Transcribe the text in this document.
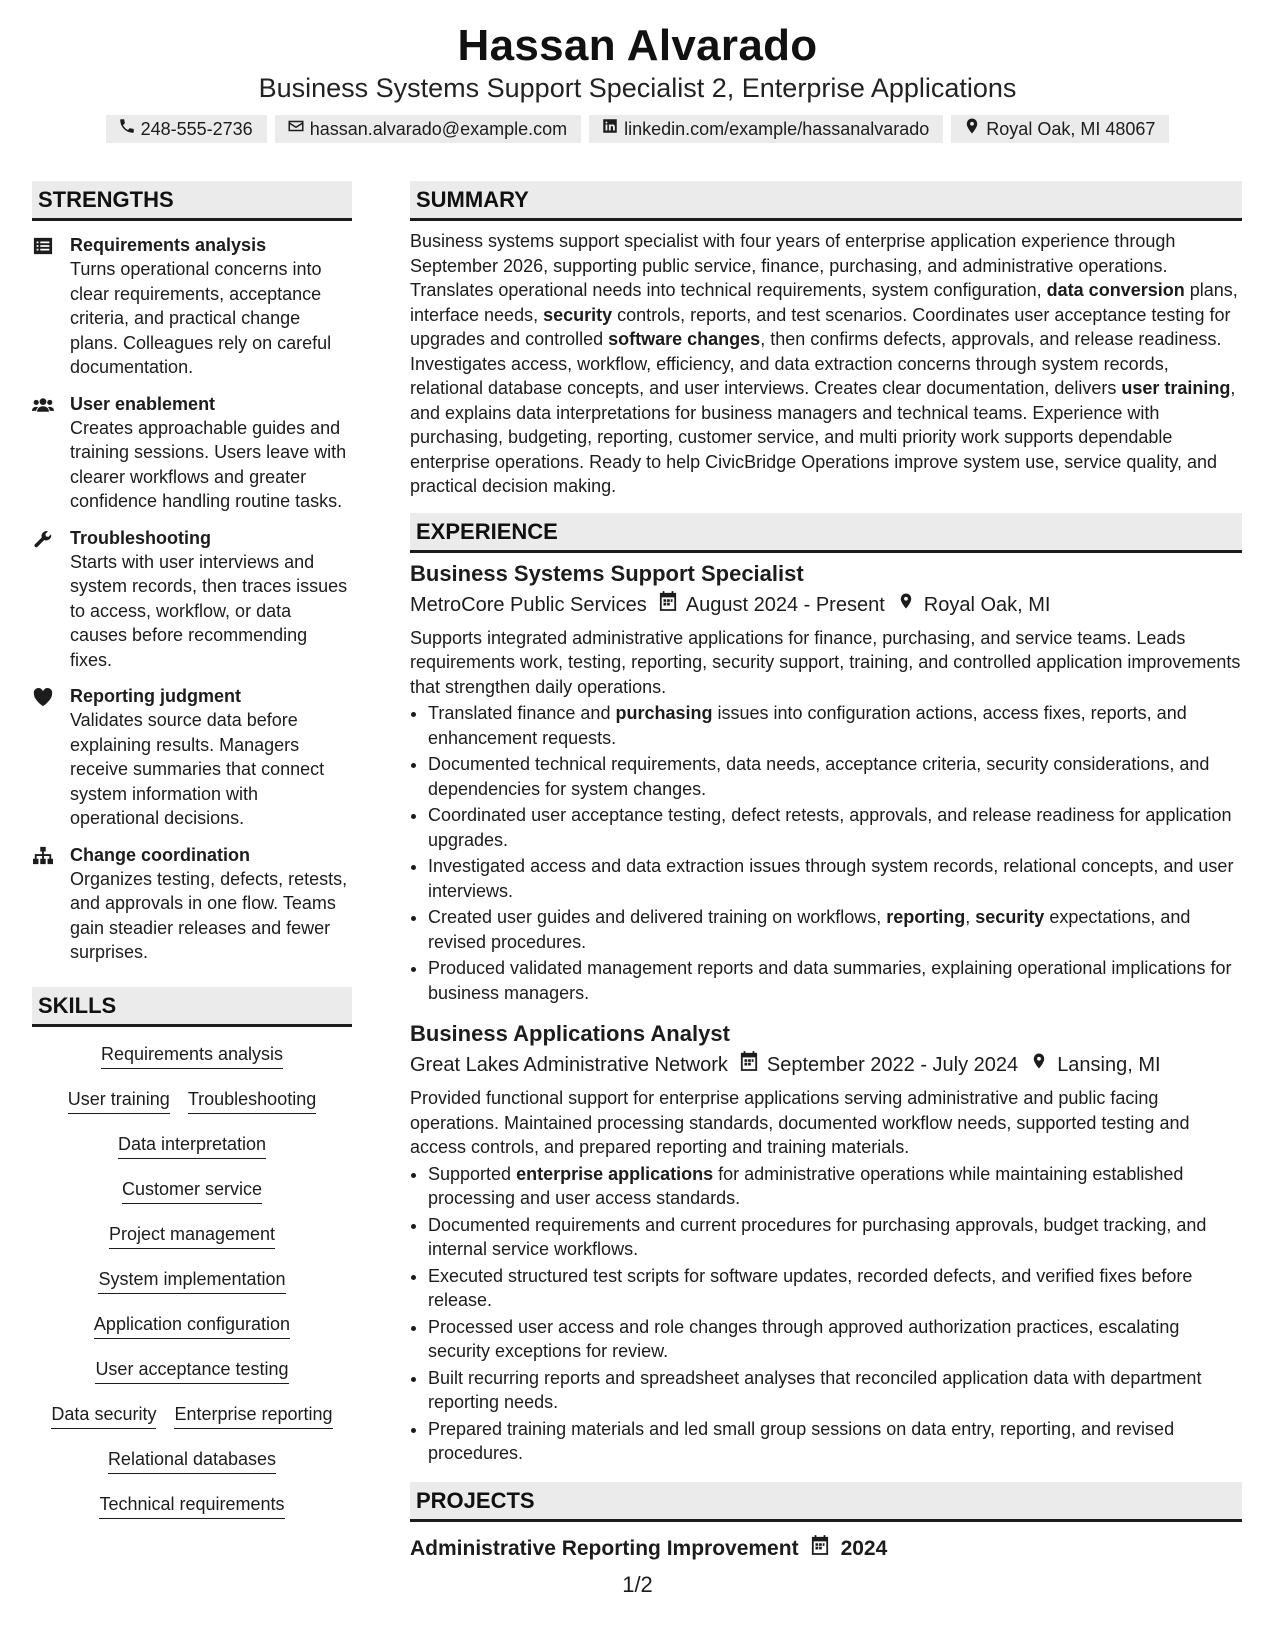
Hassan Alvarado
Business Systems Support Specialist 2, Enterprise Applications
248-555-2736	hassan.alvarado@example.com	linkedin.com/example/hassanalvarado	Royal Oak, MI 48067
STRENGTHS
Requirements analysis
Turns operational concerns into clear requirements, acceptance criteria, and practical change plans. Colleagues rely on careful documentation.
User enablement
Creates approachable guides and training sessions. Users leave with clearer workflows and greater confidence handling routine tasks.
Troubleshooting
Starts with user interviews and system records, then traces issues to access, workflow, or data causes before recommending fixes.
Reporting judgment
Validates source data before explaining results. Managers receive summaries that connect system information with operational decisions.
Change coordination
Organizes testing, defects, retests, and approvals in one flow. Teams gain steadier releases and fewer surprises.
SKILLS
Requirements analysis
User training Troubleshooting
Data interpretation
Customer service
Project management
System implementation
Application configuration
User acceptance testing
Data security Enterprise reporting
Relational databases
Technical requirements
SUMMARY

Business systems support specialist with four years of enterprise application experience through September 2026, supporting public service, finance, purchasing, and administrative operations. Translates operational needs into technical requirements, system configuration, data conversion plans, interface needs, security controls, reports, and test scenarios. Coordinates user acceptance testing for upgrades and controlled software changes, then confirms defects, approvals, and release readiness. Investigates access, workflow, efficiency, and data extraction concerns through system records, relational database concepts, and user interviews. Creates clear documentation, delivers user training, and explains data interpretations for business managers and technical teams. Experience with purchasing, budgeting, reporting, customer service, and multi priority work supports dependable enterprise operations. Ready to help CivicBridge Operations improve system use, service quality, and practical decision making.

EXPERIENCE
Business Systems Support Specialist
MetroCore Public Services August 2024 - Present Royal Oak, MI

Supports integrated administrative applications for finance, purchasing, and service teams. Leads requirements work, testing, reporting, security support, training, and controlled application improvements that strengthen daily operations.

• Translated finance and purchasing issues into configuration actions, access fixes, reports, and enhancement requests.
• Documented technical requirements, data needs, acceptance criteria, security considerations, and dependencies for system changes.
• Coordinated user acceptance testing, defect retests, approvals, and release readiness for application upgrades.
• Investigated access and data extraction issues through system records, relational concepts, and user interviews.
• Created user guides and delivered training on workflows, reporting, security expectations, and revised procedures.
• Produced validated management reports and data summaries, explaining operational implications for business managers.
Business Applications Analyst
Great Lakes Administrative Network September 2022 - July 2024 Lansing, MI

Provided functional support for enterprise applications serving administrative and public facing operations. Maintained processing standards, documented workflow needs, supported testing and access controls, and prepared reporting and training materials.

• Supported enterprise applications for administrative operations while maintaining established processing and user access standards.
• Documented requirements and current procedures for purchasing approvals, budget tracking, and internal service workflows.
• Executed structured test scripts for software updates, recorded defects, and verified fixes before release.
• Processed user access and role changes through approved authorization practices, escalating security exceptions for review.
• Built recurring reports and spreadsheet analyses that reconciled application data with department reporting needs.
• Prepared training materials and led small group sessions on data entry, reporting, and revised procedures.
PROJECTS
Administrative Reporting Improvement 2024
1/2
